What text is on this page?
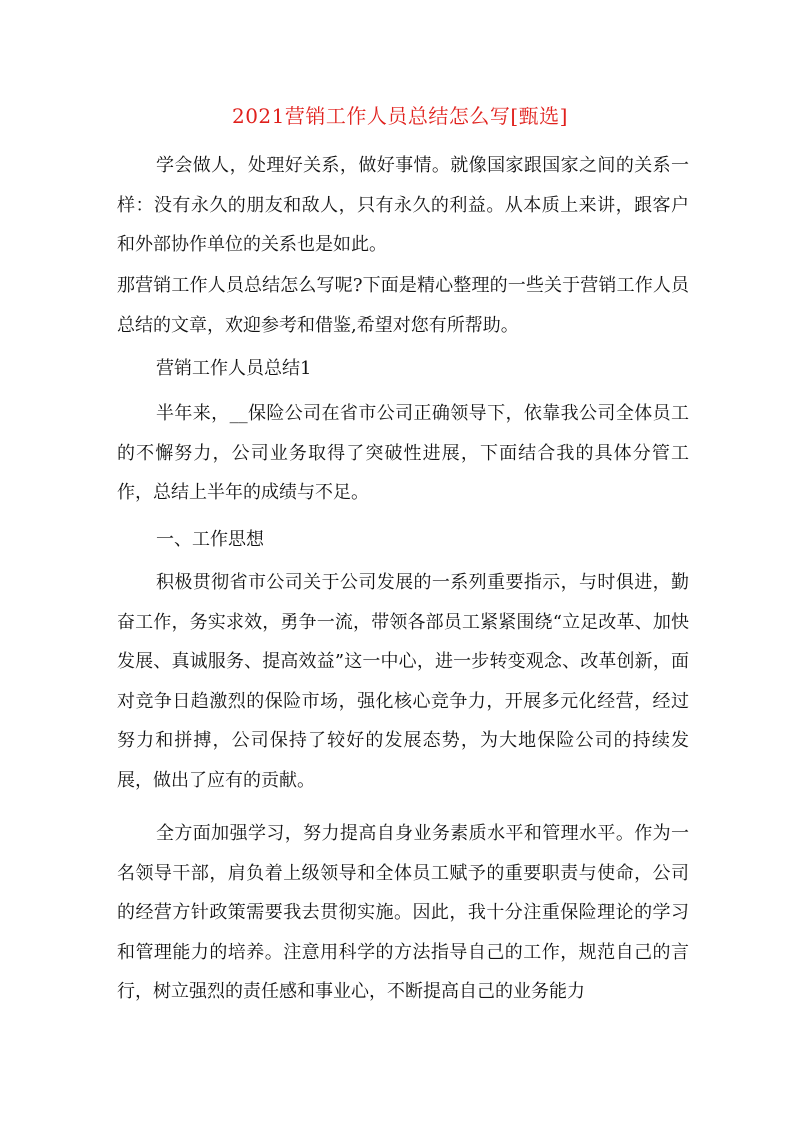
2021营销工作人员总结怎么写[甄选]

学会做人，处理好关系，做好事情。就像国家跟国家之间的关系一样：没有永久的朋友和敌人，只有永久的利益。从本质上来讲，跟客户和外部协作单位的关系也是如此。

那营销工作人员总结怎么写呢?下面是精心整理的一些关于营销工作人员总结的文章，欢迎参考和借鉴,希望对您有所帮助。

营销工作人员总结1

半年来，__保险公司在省市公司正确领导下，依靠我公司全体员工的不懈努力，公司业务取得了突破性进展，下面结合我的具体分管工作，总结上半年的成绩与不足。

一、工作思想

积极贯彻省市公司关于公司发展的一系列重要指示，与时俱进，勤奋工作，务实求效，勇争一流，带领各部员工紧紧围绕“立足改革、加快发展、真诚服务、提高效益”这一中心，进一步转变观念、改革创新，面对竞争日趋激烈的保险市场，强化核心竞争力，开展多元化经营，经过努力和拼搏，公司保持了较好的发展态势，为大地保险公司的持续发展，做出了应有的贡献。

全方面加强学习，努力提高自身业务素质水平和管理水平。作为一名领导干部，肩负着上级领导和全体员工赋予的重要职责与使命，公司的经营方针政策需要我去贯彻实施。因此，我十分注重保险理论的学习和管理能力的培养。注意用科学的方法指导自己的工作，规范自己的言行，树立强烈的责任感和事业心，不断提高自己的业务能力
